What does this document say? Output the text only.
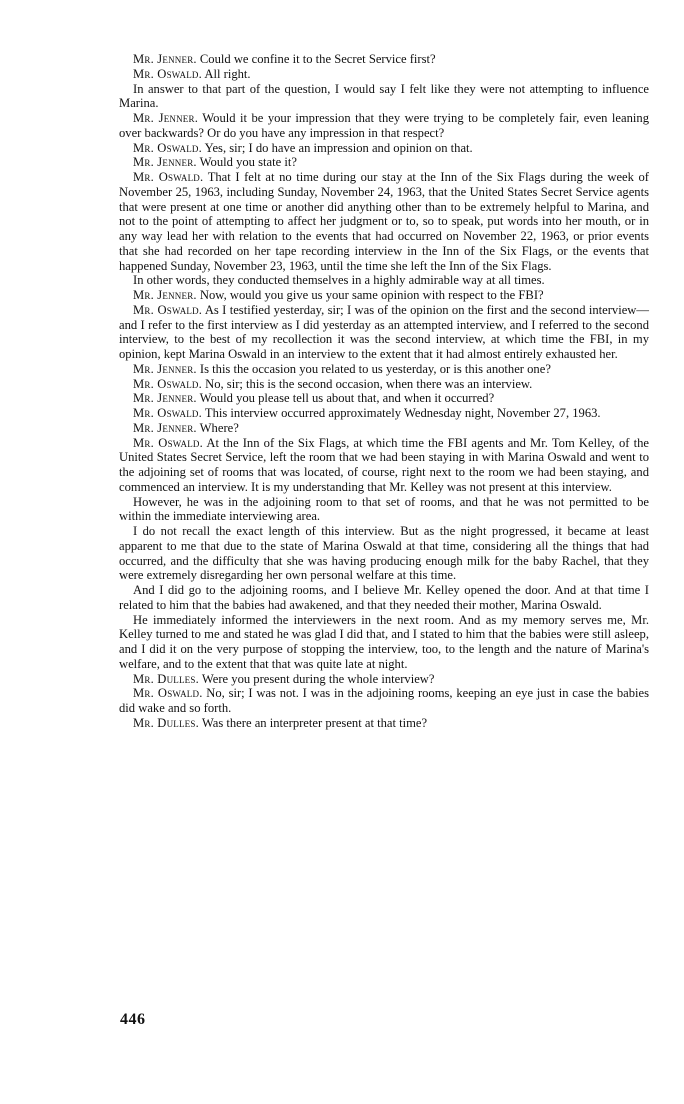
Mr. Jenner. Could we confine it to the Secret Service first?

Mr. Oswald. All right.

In answer to that part of the question, I would say I felt like they were not attempting to influence Marina.

Mr. Jenner. Would it be your impression that they were trying to be completely fair, even leaning over backwards? Or do you have any impression in that respect?

Mr. Oswald. Yes, sir; I do have an impression and opinion on that.

Mr. Jenner. Would you state it?

Mr. Oswald. That I felt at no time during our stay at the Inn of the Six Flags during the week of November 25, 1963, including Sunday, November 24, 1963, that the United States Secret Service agents that were present at one time or another did anything other than to be extremely helpful to Marina, and not to the point of attempting to affect her judgment or to, so to speak, put words into her mouth, or in any way lead her with relation to the events that had occurred on November 22, 1963, or prior events that she had recorded on her tape recording interview in the Inn of the Six Flags, or the events that happened Sunday, November 23, 1963, until the time she left the Inn of the Six Flags.

In other words, they conducted themselves in a highly admirable way at all times.

Mr. Jenner. Now, would you give us your same opinion with respect to the FBI?

Mr. Oswald. As I testified yesterday, sir; I was of the opinion on the first and the second interview—and I refer to the first interview as I did yesterday as an attempted interview, and I referred to the second interview, to the best of my recollection it was the second interview, at which time the FBI, in my opinion, kept Marina Oswald in an interview to the extent that it had almost entirely exhausted her.

Mr. Jenner. Is this the occasion you related to us yesterday, or is this another one?

Mr. Oswald. No, sir; this is the second occasion, when there was an interview.

Mr. Jenner. Would you please tell us about that, and when it occurred?

Mr. Oswald. This interview occurred approximately Wednesday night, November 27, 1963.

Mr. Jenner. Where?

Mr. Oswald. At the Inn of the Six Flags, at which time the FBI agents and Mr. Tom Kelley, of the United States Secret Service, left the room that we had been staying in with Marina Oswald and went to the adjoining set of rooms that was located, of course, right next to the room we had been staying, and commenced an interview. It is my understanding that Mr. Kelley was not present at this interview.

However, he was in the adjoining room to that set of rooms, and that he was not permitted to be within the immediate interviewing area.

I do not recall the exact length of this interview. But as the night progressed, it became at least apparent to me that due to the state of Marina Oswald at that time, considering all the things that had occurred, and the difficulty that she was having producing enough milk for the baby Rachel, that they were extremely disregarding her own personal welfare at this time.

And I did go to the adjoining rooms, and I believe Mr. Kelley opened the door. And at that time I related to him that the babies had awakened, and that they needed their mother, Marina Oswald.

He immediately informed the interviewers in the next room. And as my memory serves me, Mr. Kelley turned to me and stated he was glad I did that, and I stated to him that the babies were still asleep, and I did it on the very purpose of stopping the interview, too, to the length and the nature of Marina's welfare, and to the extent that that was quite late at night.

Mr. Dulles. Were you present during the whole interview?

Mr. Oswald. No, sir; I was not. I was in the adjoining rooms, keeping an eye just in case the babies did wake and so forth.

Mr. Dulles. Was there an interpreter present at that time?

446
